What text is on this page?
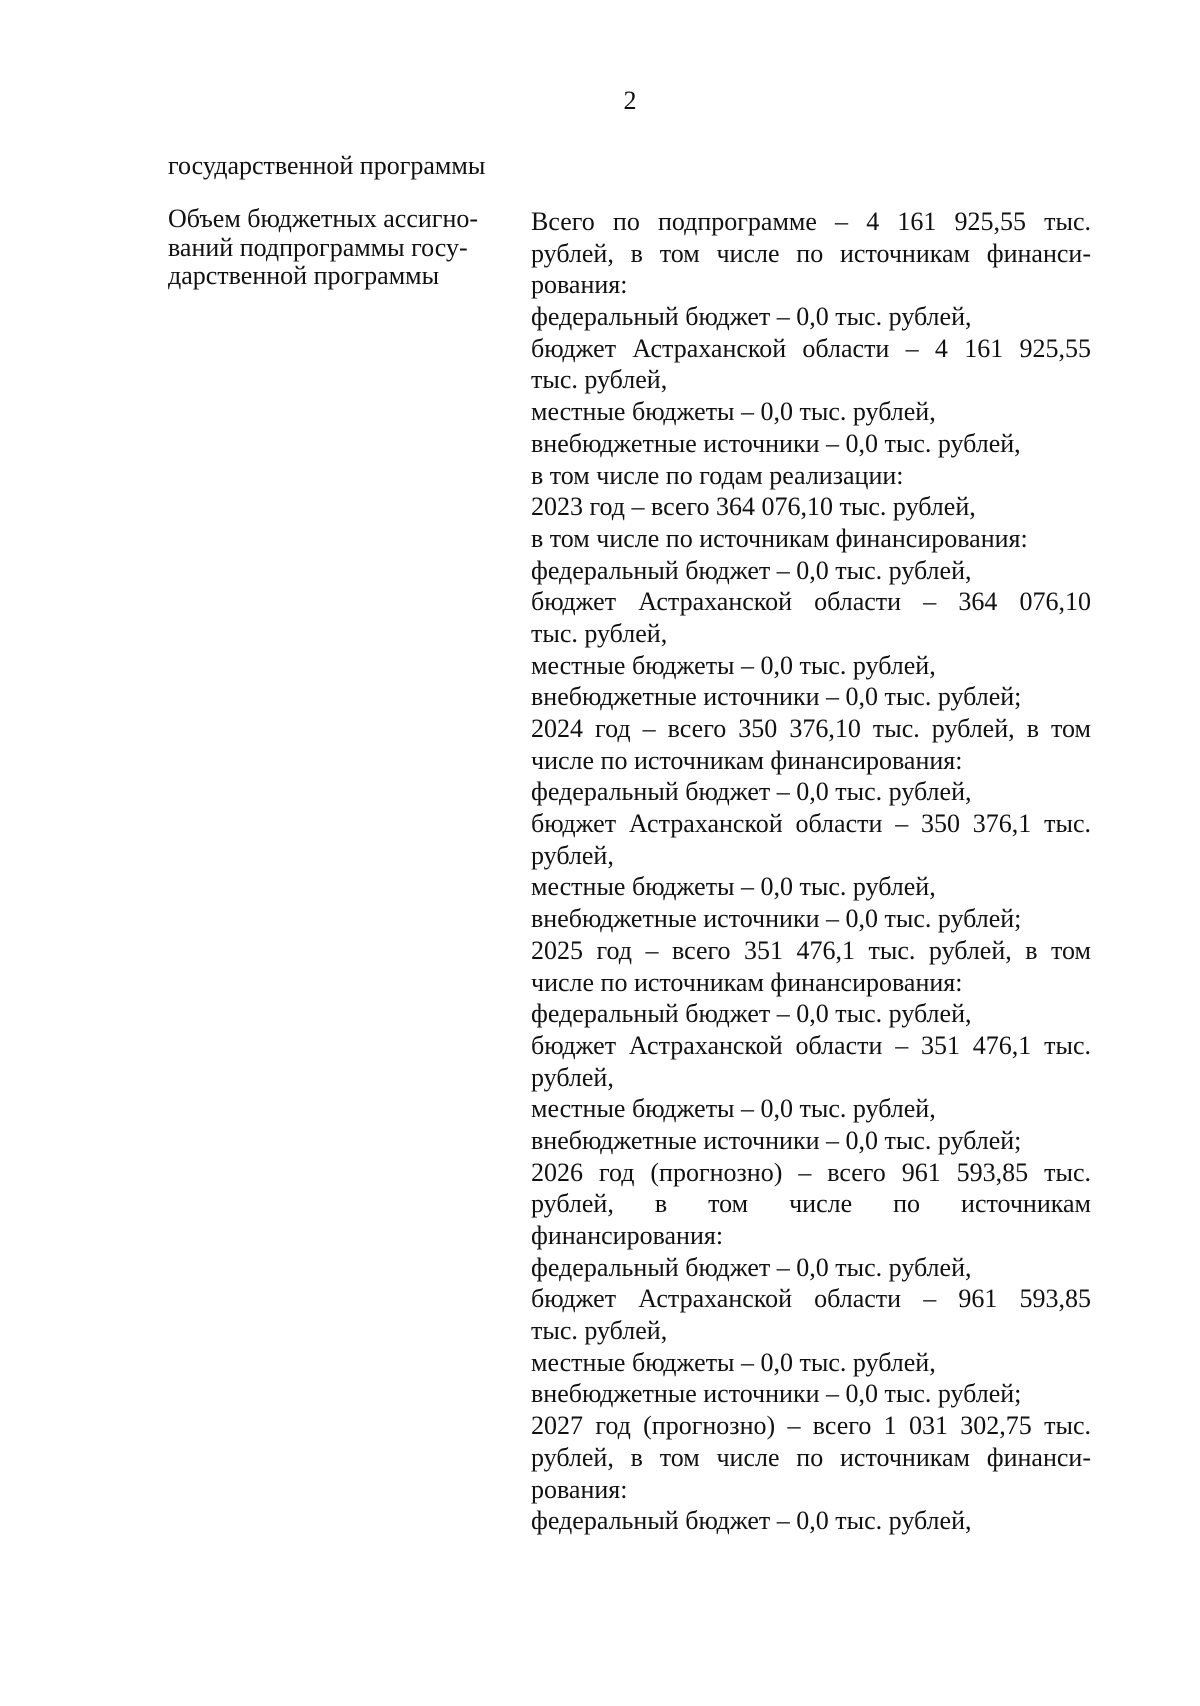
2
государственной программы
Объем бюджетных ассигно-
ваний подпрограммы госу-
дарственной программы
Всего по подпрограмме – 4 161 925,55 тыс.
рублей, в том числе по источникам финанси-
рования:
федеральный бюджет – 0,0 тыс. рублей,
бюджет Астраханской области – 4 161 925,55
тыс. рублей,
местные бюджеты – 0,0 тыс. рублей,
внебюджетные источники – 0,0 тыс. рублей,
в том числе по годам реализации:
2023 год – всего 364 076,10 тыс. рублей,
в том числе по источникам финансирования:
федеральный бюджет – 0,0 тыс. рублей,
бюджет Астраханской области – 364 076,10
тыс. рублей,
местные бюджеты – 0,0 тыс. рублей,
внебюджетные источники – 0,0 тыс. рублей;
2024 год – всего 350 376,10 тыс. рублей, в том
числе по источникам финансирования:
федеральный бюджет – 0,0 тыс. рублей,
бюджет Астраханской области – 350 376,1 тыс.
рублей,
местные бюджеты – 0,0 тыс. рублей,
внебюджетные источники – 0,0 тыс. рублей;
2025 год – всего 351 476,1 тыс. рублей, в том
числе по источникам финансирования:
федеральный бюджет – 0,0 тыс. рублей,
бюджет Астраханской области – 351 476,1 тыс.
рублей,
местные бюджеты – 0,0 тыс. рублей,
внебюджетные источники – 0,0 тыс. рублей;
2026 год (прогнозно) – всего 961 593,85 тыс.
рублей, в том числе по источникам
финансирования:
федеральный бюджет – 0,0 тыс. рублей,
бюджет Астраханской области – 961 593,85
тыс. рублей,
местные бюджеты – 0,0 тыс. рублей,
внебюджетные источники – 0,0 тыс. рублей;
2027 год (прогнозно) – всего 1 031 302,75 тыс.
рублей, в том числе по источникам финанси-
рования:
федеральный бюджет – 0,0 тыс. рублей,
